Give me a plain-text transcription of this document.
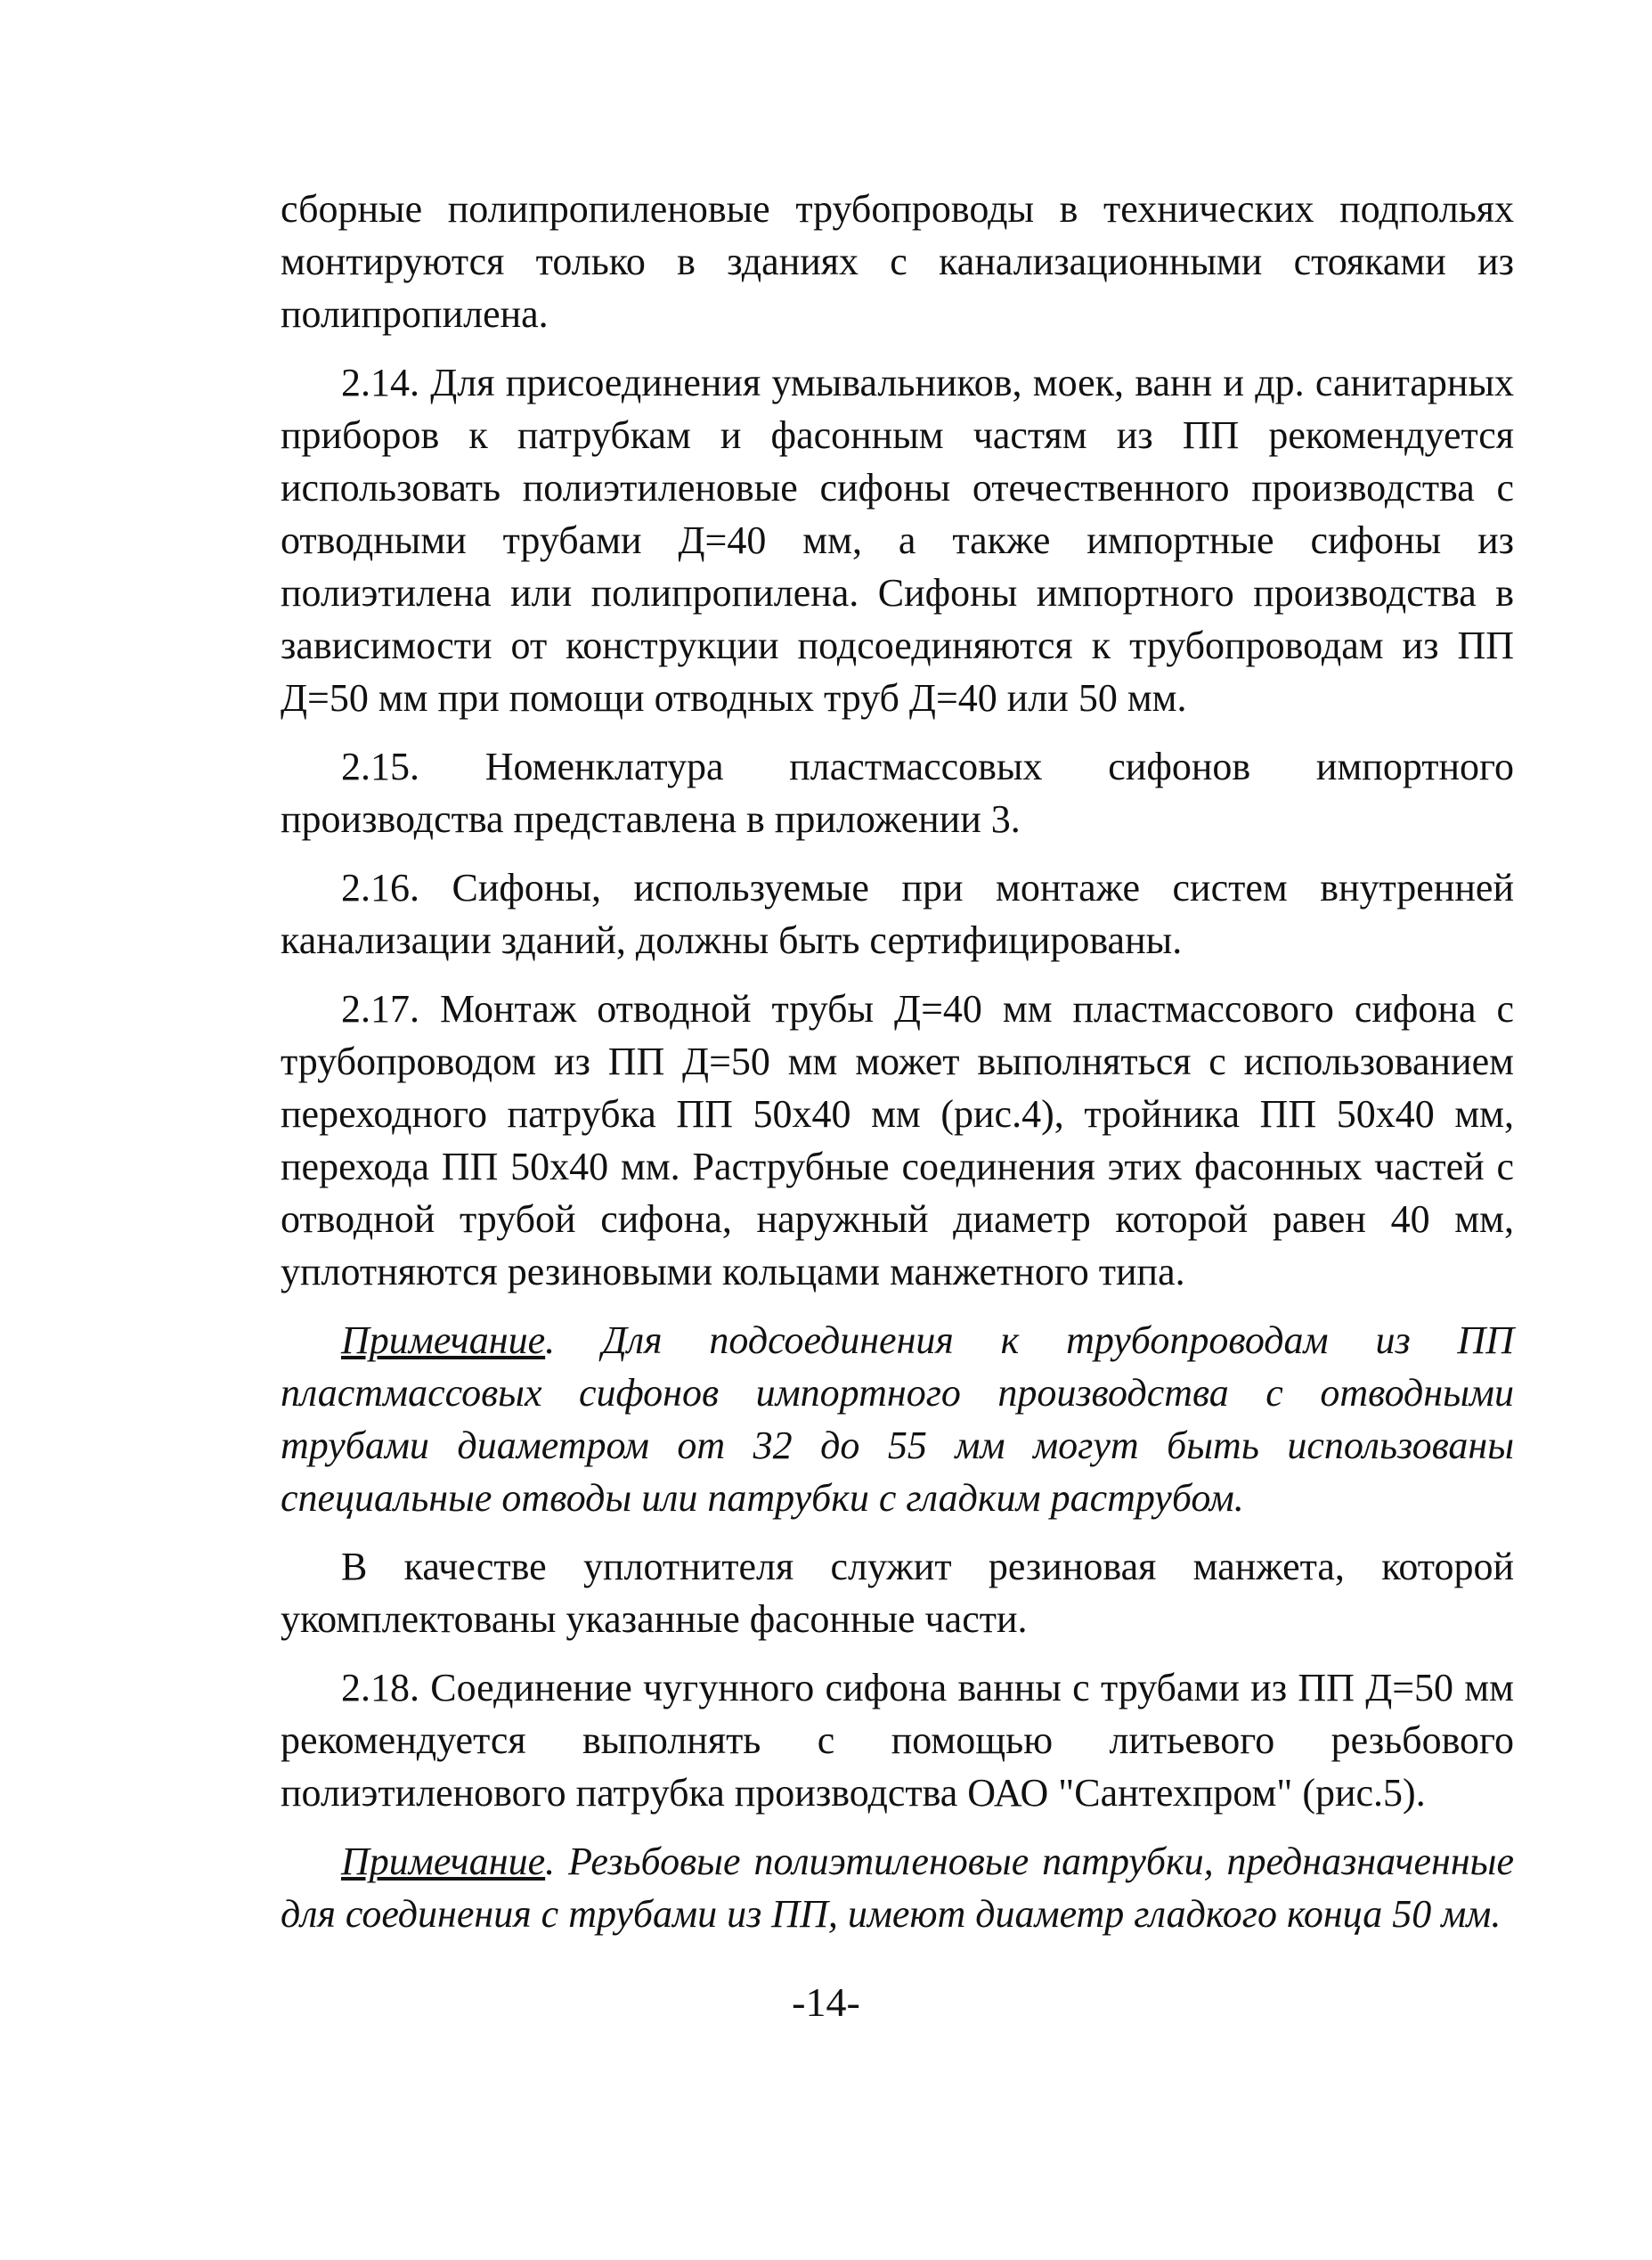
сборные полипропиленовые трубопроводы в технических подпольях монтируются только в зданиях с канализационными стояками из полипропилена.

2.14. Для присоединения умывальников, моек, ванн и др. санитарных приборов к патрубкам и фасонным частям из ПП рекомендуется использовать полиэтиленовые сифоны отечественного производства с отводными трубами Д=40 мм, а также импортные сифоны из полиэтилена или полипропилена. Сифоны импортного производства в зависимости от конструкции подсоединяются к трубопроводам из ПП Д=50 мм при помощи отводных труб Д=40 или 50 мм.

2.15. Номенклатура пластмассовых сифонов импортного производства представлена в приложении 3.

2.16. Сифоны, используемые при монтаже систем внутренней канализации зданий, должны быть сертифицированы.

2.17. Монтаж отводной трубы Д=40 мм пластмассового сифона с трубопроводом из ПП Д=50 мм может выполняться с использованием переходного патрубка ПП 50х40 мм (рис.4), тройника ПП 50х40 мм, перехода ПП 50х40 мм. Раструбные соединения этих фасонных частей с отводной трубой сифона, наружный диаметр которой равен 40 мм, уплотняются резиновыми кольцами манжетного типа.

Примечание. Для подсоединения к трубопроводам из ПП пластмассовых сифонов импортного производства с отводными трубами диаметром от 32 до 55 мм могут быть использованы специальные отводы или патрубки с гладким раструбом.

В качестве уплотнителя служит резиновая манжета, которой укомплектованы указанные фасонные части.

2.18. Соединение чугунного сифона ванны с трубами из ПП Д=50 мм рекомендуется выполнять с помощью литьевого резьбового полиэтиленового патрубка производства ОАО "Сантехпром" (рис.5).

Примечание. Резьбовые полиэтиленовые патрубки, предназначенные для соединения с трубами из ПП, имеют диаметр гладкого конца 50 мм.

-14-
